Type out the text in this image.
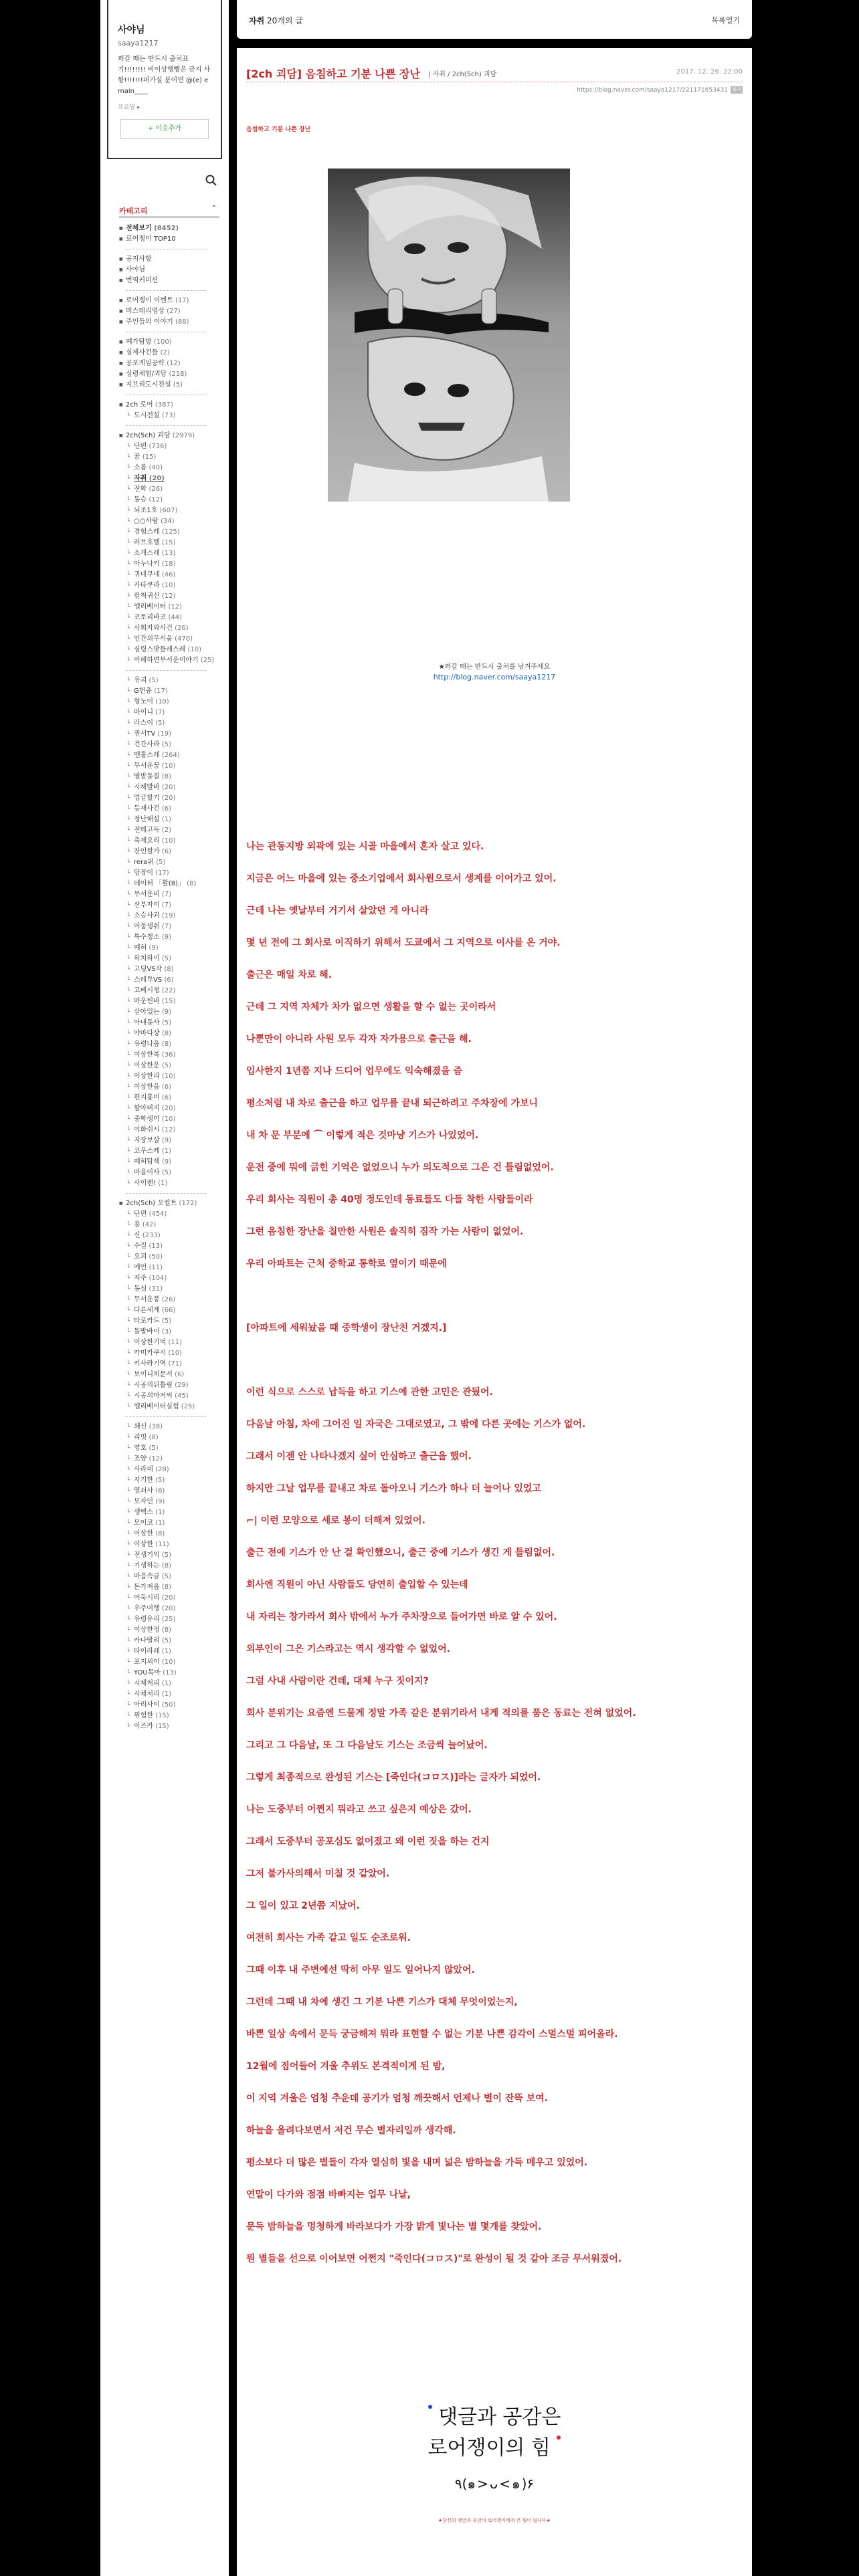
사야님

saaya1217
퍼갈 때는 반드시 출처표기!!!!!!!! 비이상행빵은 금지 사항!!!!!!!퍼가실 분이면 @(e) emain____
프로필 ▸
+ 이웃추가
카테고리	⌃
■ 전체보기 (8452)
■ 로어쟁이 TOP10
■ 공지사항
■ 사야님
■ 번역커미션
■ 로어쟁이 이벤트 (17)
■ 미스테리영상 (27)
■ 주인들의 이야기 (88)
■ 폐가탐방 (100)
■ 실제사건들 (2)
■ 공포게임공략 (12)
■ 심령체험/괴담 (218)
■ 지브리도시전설 (5)
■ 2ch 로어 (387)
└ 도시전설 (73)
■ 2ch(5ch) 괴담 (2979)
└ 단편 (736)
└ 꿈 (15)
└ 소름 (40)
└ 자취 (20)
└ 전화 (26)
└ 동승 (12)
└ 뇌조1호 (607)
└ ○○사람 (34)
└ 경험스레 (125)
└ 러브호텔 (15)
└ 소개스레 (13)
└ 아누나키 (18)
└ 귀네쿠네 (46)
└ 카타쿠라 (10)
└ 팔척귀신 (12)
└ 엘리베이터 (12)
└ 코토리바코 (44)
└ 사회자와사건 (26)
└ 인간의무서움 (470)
└ 심령스팟들레스레 (10)
└ 이해하면무서운이야기 (25)
└ 유괴 (5)
└ G헌충 (17)
└ 형노이 (10)
└ 마이니 (7)
└ 라스이 (5)
└ 권서TV (19)
└ 건간사라 (5)
└ 맨홀스레 (264)
└ 무서운꿈 (10)
└ 별받동질 (8)
└ 시체발바 (20)
└ 업글할기 (20)
└ 등재사건 (6)
└ 정난해설 (1)
└ 전메고독 (2)
└ 축제요리 (10)
└ 잔인할가 (6)
└ rera위 (5)
└ 담장이 (17)
└ 데이터 「활(8)」 (8)
└ 무서운비 (7)
└ 산부자이 (7)
└ 소승사괴 (19)
└ 어둠생쉬 (7)
└ 특수청소 (9)
└ 폐허 (9)
└ 히치하이 (5)
└ 고딩VS작 (8)
└ 스레투VS (6)
└ 고베시청 (22)
└ 마운틴바 (15)
└ 살아있는 (9)
└ 아내동사 (5)
└ 야마다상 (8)
└ 유령나옵 (8)
└ 이상한복 (36)
└ 이상한운 (5)
└ 이상한리 (10)
└ 이상한음 (6)
└ 편지홍미 (6)
└ 할아버지 (20)
└ 중학생이 (10)
└ 이화쉬시 (12)
└ 지장보살 (9)
└ 코우스케 (1)
└ 폐허탐색 (9)
└ 마을이사 (5)
└ 사이렌! (1)
■ 2ch(5ch) 오컬트 (172)
└ 단편 (454)
└ 용 (42)
└ 신 (233)
└ 수질 (13)
└ 요괴 (50)
└ 예언 (11)
└ 저주 (104)
└ 동심 (31)
└ 무서운풍 (26)
└ 다른세계 (66)
└ 타로카드 (5)
└ 돌발바이 (3)
└ 이상한기억 (11)
└ 카미카쿠시 (10)
└ 키사라기역 (71)
└ 보이니치문서 (6)
└ 시공의뒤틀림 (29)
└ 시공의아저씨 (45)
└ 엘리베이터실험 (25)
└ 쇄신 (38)
└ 리밋 (8)
└ 염호 (5)
└ 조양 (12)
└ 사라네 (28)
└ 자기한 (5)
└ 열쇠사 (6)
└ 모자인 (9)
└ 생벡스 (1)
└ 모이코 (1)
└ 이상한 (8)
└ 이상한 (11)
└ 전생기억 (5)
└ 기생하는 (8)
└ 마음속금 (5)
└ 돈가져옵 (8)
└ 어둑시리 (20)
└ 우주여행 (20)
└ 유령유리 (25)
└ 이상한정 (8)
└ 카나발리 (5)
└ 타이라레 (1)
└ 포지외이 (10)
└ YOU목마 (13)
└ 시체처리 (1)
└ 시체처리 (1)
└ 아리사이 (50)
└ 위험한 (15)
└ 이즈카 (15)
자취 20개의 글	목록열기
[2ch 괴담] 음침하고 기분 나쁜 장난 | 자취 / 2ch(5ch) 괴담	2017. 12. 26. 22:00
https://blog.naver.com/saaya1217/221171653431 복사
음침하고 기분 나쁜 장난
★퍼갈 때는 반드시 출처를 남겨주세요
http://blog.naver.com/saaya1217
나는 관동지방 외곽에 있는 시골 마을에서 혼자 살고 있다.
지금은 어느 마을에 있는 중소기업에서 회사원으로서 생계를 이어가고 있어.
근데 나는 옛날부터 거기서 살았던 게 아니라
몇 년 전에 그 회사로 이직하기 위해서 도쿄에서 그 지역으로 이사를 온 거야.
출근은 매일 차로 해.
근데 그 지역 자체가 차가 없으면 생활을 할 수 없는 곳이라서
나뿐만이 아니라 사원 모두 각자 자가용으로 출근을 해.
입사한지 1년쯤 지나 드디어 업무에도 익숙해졌을 즘
평소처럼 내 차로 출근을 하고 업무를 끝내 퇴근하려고 주차장에 가보니
내 차 문 부분에 ⌒ 이렇게 적은 것마냥 기스가 나있었어.
운전 중에 뭐에 긁힌 기억은 없었으니 누가 의도적으로 그은 건 틀림없었어.
우리 회사는 직원이 총 40명 정도인데 동료들도 다들 착한 사람들이라
그런 음침한 장난을 칠만한 사원은 솔직히 짐작 가는 사람이 없었어.
우리 아파트는 근처 중학교 통학로 옆이기 때문에
[아파트에 세워놨을 때 중학생이 장난친 거겠지.]
이런 식으로 스스로 납득을 하고 기스에 관한 고민은 관뒀어.
다음날 아침, 차에 그어진 일 자국은 그대로였고, 그 밖에 다른 곳에는 기스가 없어.
그래서 이젠 안 나타나겠지 싶어 안심하고 출근을 했어.
하지만 그날 업무를 끝내고 차로 돌아오니 기스가 하나 더 늘어나 있었고
⌐| 이런 모양으로 세로 봉이 더해져 있었어.
출근 전에 기스가 안 난 걸 확인했으니, 출근 중에 기스가 생긴 게 틀림없어.
회사엔 직원이 아닌 사람들도 당연히 출입할 수 있는데
내 자리는 창가라서 회사 밖에서 누가 주차장으로 들어가면 바로 알 수 있어.
외부인이 그은 기스라고는 역시 생각할 수 없었어.
그럼 사내 사람이란 건데, 대체 누구 짓이지?
회사 분위기는 요즘엔 드물게 정말 가족 같은 분위기라서 내게 적의를 품은 동료는 전혀 없었어.
그리고 그 다음날, 또 그 다음날도 기스는 조금씩 늘어났어.
그렇게 최종적으로 완성된 기스는 [죽인다(コロス)]라는 글자가 되었어.
나는 도중부터 어쩐지 뭐라고 쓰고 싶은지 예상은 갔어.
그래서 도중부터 공포심도 없어졌고 왜 이런 짓을 하는 건지
그저 불가사의해서 미칠 것 같았어.
그 일이 있고 2년쯤 지났어.
여전히 회사는 가족 같고 일도 순조로워.
그때 이후 내 주변에선 딱히 아무 일도 일어나지 않았어.
그런데 그때 내 차에 생긴 그 기분 나쁜 기스가 대체 무엇이었는지,
바쁜 일상 속에서 문득 궁금해져 뭐라 표현할 수 없는 기분 나쁜 감각이 스멀스멀 피어올라.
12월에 접어들어 겨울 추위도 본격적이게 된 밤,
이 지역 겨울은 엄청 추운데 공기가 엄청 깨끗해서 언제나 별이 잔뜩 보여.
하늘을 올려다보면서 저건 무슨 별자리일까 생각해.
평소보다 더 많은 별들이 각자 열심히 빛을 내며 넓은 밤하늘을 가득 메우고 있었어.
연말이 다가와 점점 바빠지는 업무 나날,
문득 밤하늘을 멍청하게 바라보다가 가장 밝게 빛나는 별 몇개를 찾았어.
뭔 별들을 선으로 이어보면 어쩐지 "죽인다(コロス)"로 완성이 될 것 같아 조금 무서워졌어.
댓글과 공감은
로어쟁이의 힘
٩(๑>ᴗ<๑)۶
★당신의 댓글과 공감이 로어쟁이에게 큰 힘이 됩니다★
